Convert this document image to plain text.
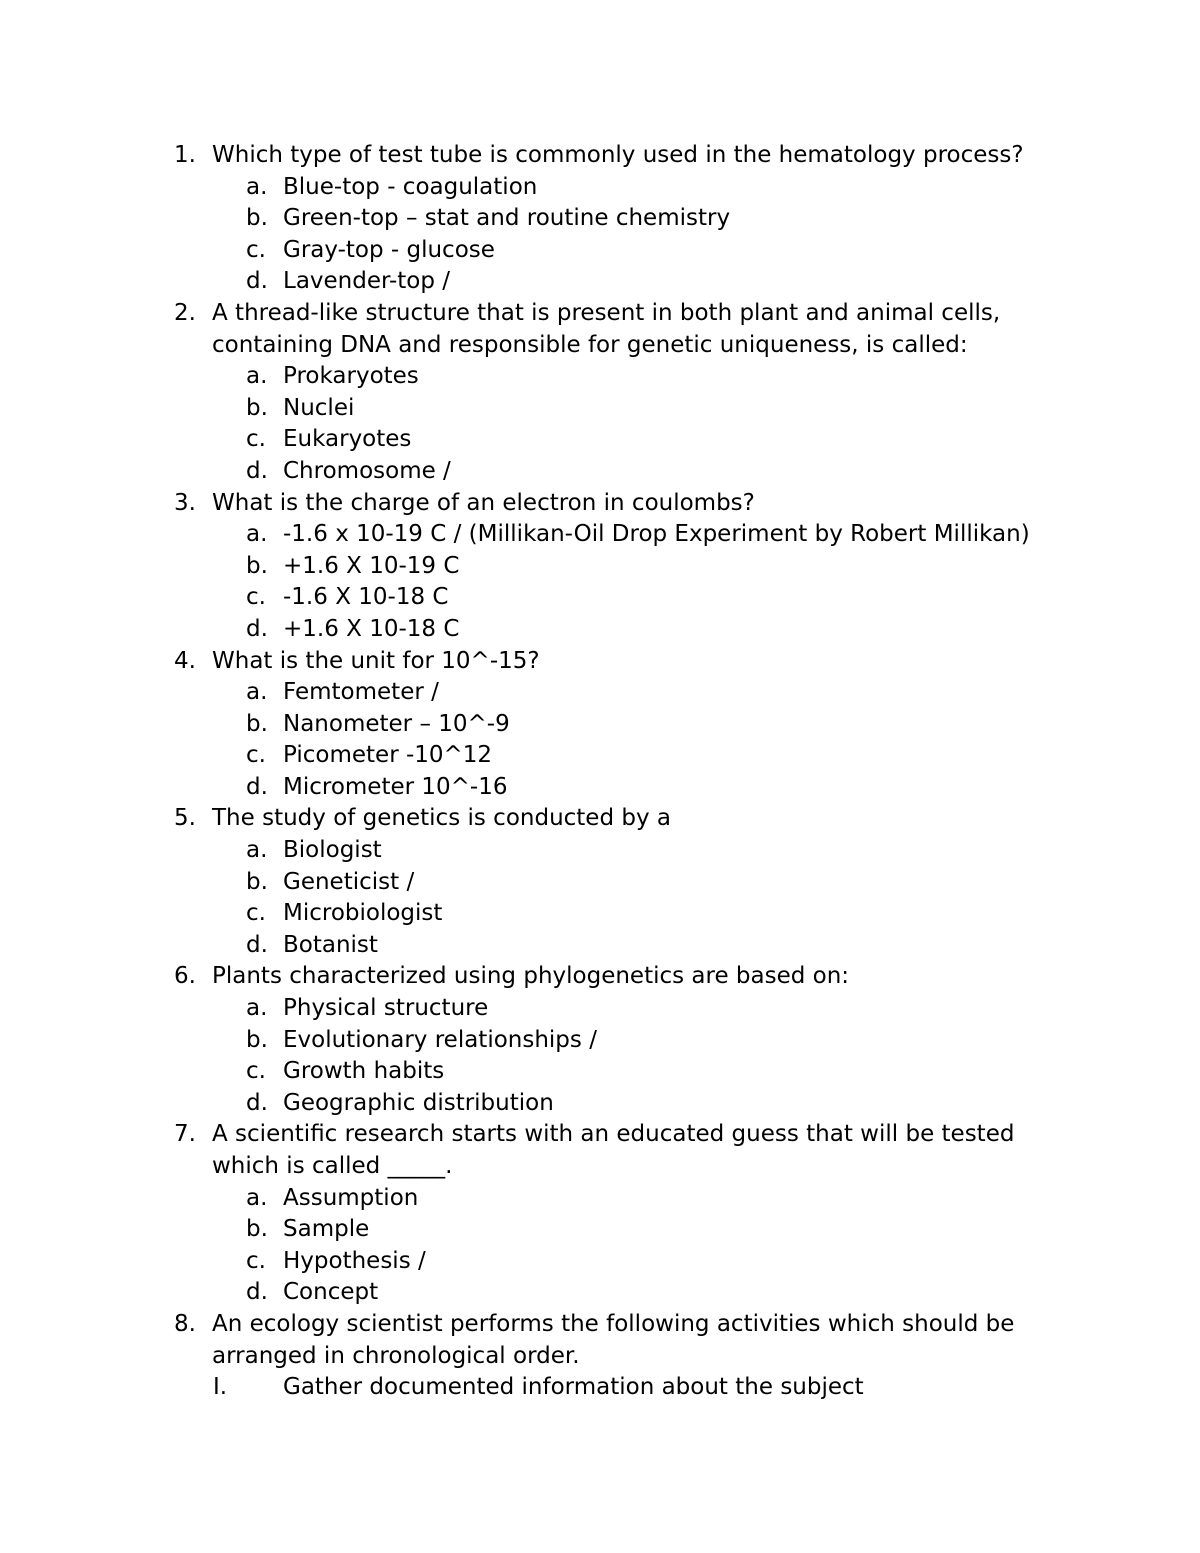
1. Which type of test tube is commonly used in the hematology process?
a. Blue-top - coagulation
b. Green-top – stat and routine chemistry
c. Gray-top - glucose
d. Lavender-top /
2. A thread-like structure that is present in both plant and animal cells,
containing DNA and responsible for genetic uniqueness, is called:
a. Prokaryotes
b. Nuclei
c. Eukaryotes
d. Chromosome /
3. What is the charge of an electron in coulombs?
a. -1.6 x 10-19 C / (Millikan-Oil Drop Experiment by Robert Millikan)
b. +1.6 X 10-19 C
c. -1.6 X 10-18 C
d. +1.6 X 10-18 C
4. What is the unit for 10^-15?
a. Femtometer /
b. Nanometer – 10^-9
c. Picometer -10^12
d. Micrometer 10^-16
5. The study of genetics is conducted by a
a. Biologist
b. Geneticist /
c. Microbiologist
d. Botanist
6. Plants characterized using phylogenetics are based on:
a. Physical structure
b. Evolutionary relationships /
c. Growth habits
d. Geographic distribution
7. A scientific research starts with an educated guess that will be tested
which is called _____.
a. Assumption
b. Sample
c. Hypothesis /
d. Concept
8. An ecology scientist performs the following activities which should be
arranged in chronological order.
I. Gather documented information about the subject
